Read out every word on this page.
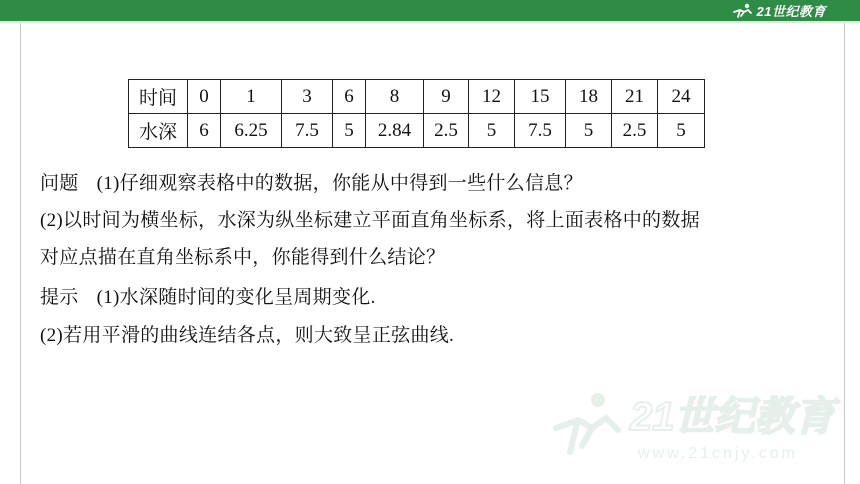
21世纪教育
时间	0	1	3	6	8	9	12	15	18	21	24
水深	6	6.25	7.5	5	2.84	2.5	5	7.5	5	2.5	5
问题 (1)仔细观察表格中的数据，你能从中得到一些什么信息？
(2)以时间为横坐标，水深为纵坐标建立平面直角坐标系，将上面表格中的数据
对应点描在直角坐标系中，你能得到什么结论？
提示 (1)水深随时间的变化呈周期变化.
(2)若用平滑的曲线连结各点，则大致呈正弦曲线.
21世纪教育
www.21cnjy.com
